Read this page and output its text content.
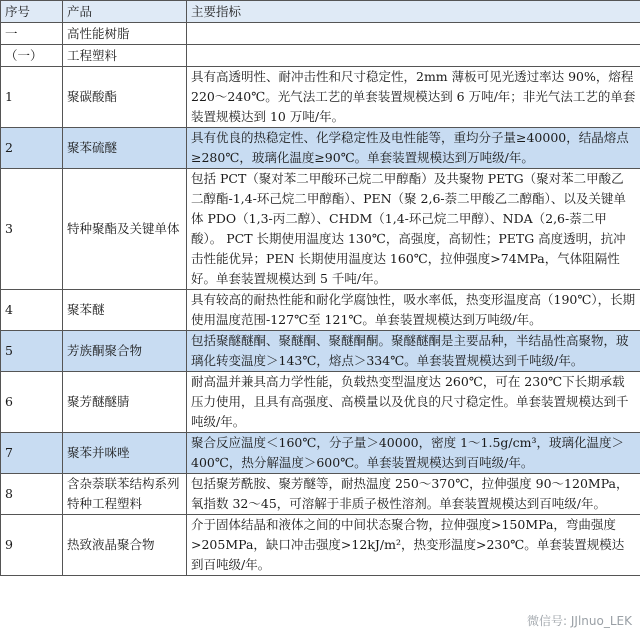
序号	产品	主要指标
一	高性能树脂	
（一）	工程塑料	
1	聚碳酸酯	具有高透明性、耐冲击性和尺寸稳定性，2mm 薄板可见光透过率达 90%，熔程 220～240℃。光气法工艺的单套装置规模达到 6 万吨/年；非光气法工艺的单套装置规模达到 10 万吨/年。
2	聚苯硫醚	具有优良的热稳定性、化学稳定性及电性能等，重均分子量≥40000，结晶熔点≥280℃，玻璃化温度≥90℃。单套装置规模达到万吨级/年。
3	特种聚酯及关键单体	包括 PCT（聚对苯二甲酸环己烷二甲醇酯）及共聚物 PETG（聚对苯二甲酸乙二醇酯-1,4-环己烷二甲醇酯）、PEN（聚 2,6-萘二甲酸乙二醇酯）、以及关键单体 PDO（1,3-丙二醇）、CHDM（1,4-环己烷二甲醇）、NDA（2,6-萘二甲酸）。 PCT 长期使用温度达 130℃，高强度，高韧性；PETG 高度透明，抗冲击性能优异；PEN 长期使用温度达 160℃，拉伸强度>74MPa，气体阻隔性好。单套装置规模达到 5 千吨/年。
4	聚苯醚	具有较高的耐热性能和耐化学腐蚀性，吸水率低，热变形温度高（190℃），长期使用温度范围-127℃至 121℃。单套装置规模达到万吨级/年。
5	芳族酮聚合物	包括聚醚醚酮、聚醚酮、聚醚酮酮。聚醚醚酮是主要品种，半结晶性高聚物，玻璃化转变温度＞143℃，熔点＞334℃。单套装置规模达到千吨级/年。
6	聚芳醚醚腈	耐高温并兼具高力学性能，负载热变型温度达 260℃，可在 230℃下长期承载压力使用，且具有高强度、高模量以及优良的尺寸稳定性。单套装置规模达到千吨级/年。
7	聚苯并咪唑	聚合反应温度＜160℃，分子量＞40000，密度 1～1.5g/cm³，玻璃化温度＞400℃，热分解温度＞600℃。单套装置规模达到百吨级/年。
8	含杂萘联苯结构系列特种工程塑料	包括聚芳酰胺、聚芳醚等，耐热温度 250～370℃，拉伸强度 90～120MPa，氧指数 32～45，可溶解于非质子极性溶剂。单套装置规模达到百吨级/年。
9	热致液晶聚合物	介于固体结晶和液体之间的中间状态聚合物，拉伸强度>150MPa，弯曲强度>205MPa，缺口冲击强度>12kJ/m²，热变形温度>230℃。单套装置规模达到百吨级/年。
微信号: JJlnuo_LEK
